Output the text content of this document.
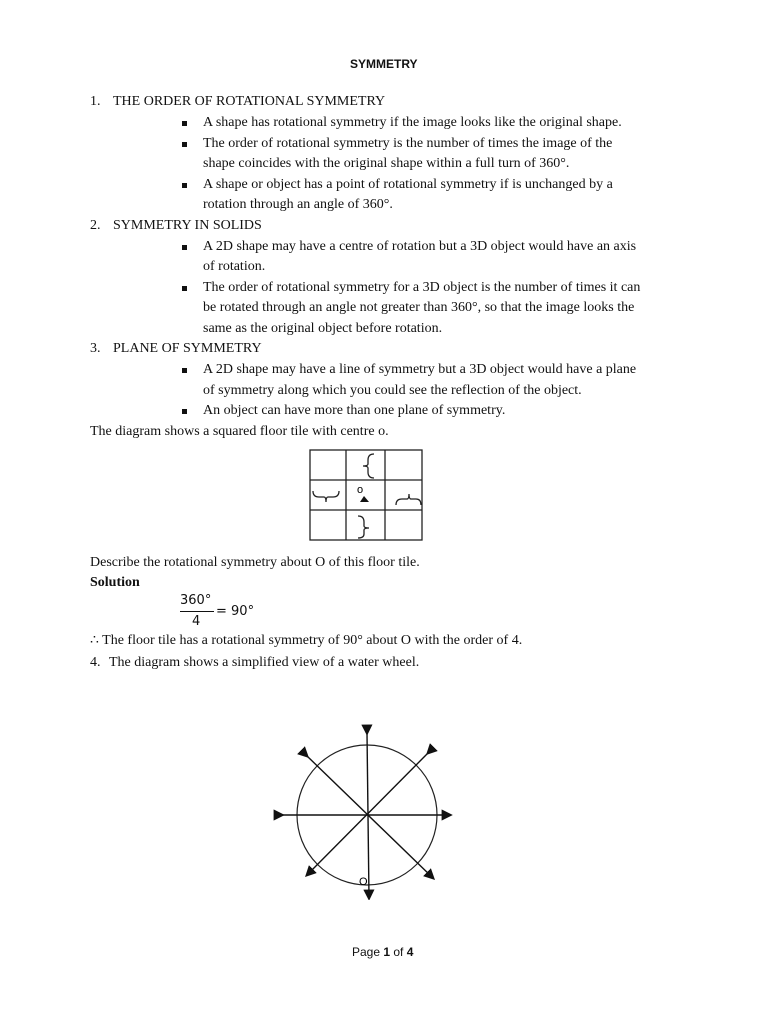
SYMMETRY
1. THE ORDER OF ROTATIONAL SYMMETRY
A shape has rotational symmetry if the image looks like the original shape.
The order of rotational symmetry is the number of times the image of the
shape coincides with the original shape within a full turn of 360°.
A shape or object has a point of rotational symmetry if is unchanged by a
rotation through an angle of 360°.
2. SYMMETRY IN SOLIDS
A 2D shape may have a centre of rotation but a 3D object would have an axis
of rotation.
The order of rotational symmetry for a 3D object is the number of times it can
be rotated through an angle not greater than 360°, so that the image looks the
same as the original object before rotation.
3. PLANE OF SYMMETRY
A 2D shape may have a line of symmetry but a 3D object would have a plane
of symmetry along which you could see the reflection of the object.
An object can have more than one plane of symmetry.
The diagram shows a squared floor tile with centre o.
o
Describe the rotational symmetry about O of this floor tile.
Solution
360°
4
= 90°
∴ The floor tile has a rotational symmetry of 90° about O with the order of 4.
4. The diagram shows a simplified view of a water wheel.
O
Page 1 of 4
